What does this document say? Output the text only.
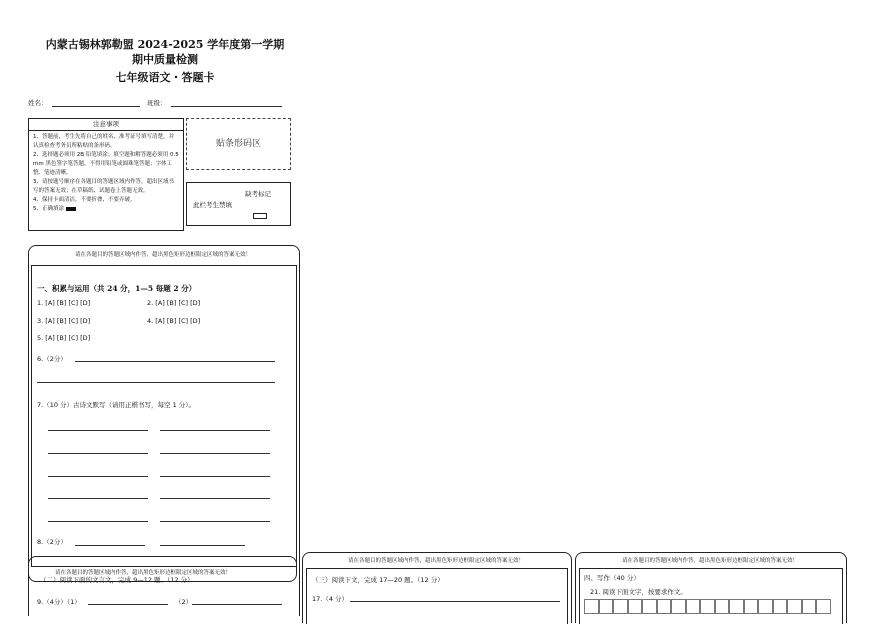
内蒙古锡林郭勒盟 2024-2025 学年度第一学期
期中质量检测
七年级语文・答题卡
姓名：	班级：
注意事项
1、答题前，考生先将自己的姓名、准考证号填写清楚，并认真检查考务员所粘贴的条形码。
2、选择题必须用 2B 铅笔填涂；填空题和解答题必须用 0.5 mm 黑色签字笔答题，不得用铅笔或圆珠笔答题；字体工整、笔迹清晰。
3、请按题号顺序在各题目的答题区域内作答，超出区域书写的答案无效；在草稿纸、试题卷上答题无效。
4、保持卡面清洁，不要折叠、不要弄破。
5、正确填涂
贴条形码区
缺考标记
此栏考生禁填
请在各题目的答题区域内作答，超出黑色矩形边框限定区域的答案无效！
一、积累与运用（共 24 分，1—5 每题 2 分）
1. [A] [B] [C] [D]	2. [A] [B] [C] [D]
3. [A] [B] [C] [D]	4. [A] [B] [C] [D]
5. [A] [B] [C] [D]
6.（2分）
7.（10 分）古诗文默写（请用正楷书写，每空 1 分）。
8.（2分）
请在各题目的答题区域内作答，超出黑色矩形边框限定区域的答案无效！
（二）阅读下面的文言文，完成 9—12 题。（12 分）
9.（4分）（1）	（2）
请在各题目的答题区域内作答，超出黑色矩形边框限定区域的答案无效！
（三）阅读下文，完成 17—20 题。（12 分）
17.（4 分）
请在各题目的答题区域内作答，超出黑色矩形边框限定区域的答案无效！
四、写作（40 分）
21. 阅读下面文字，按要求作文。
